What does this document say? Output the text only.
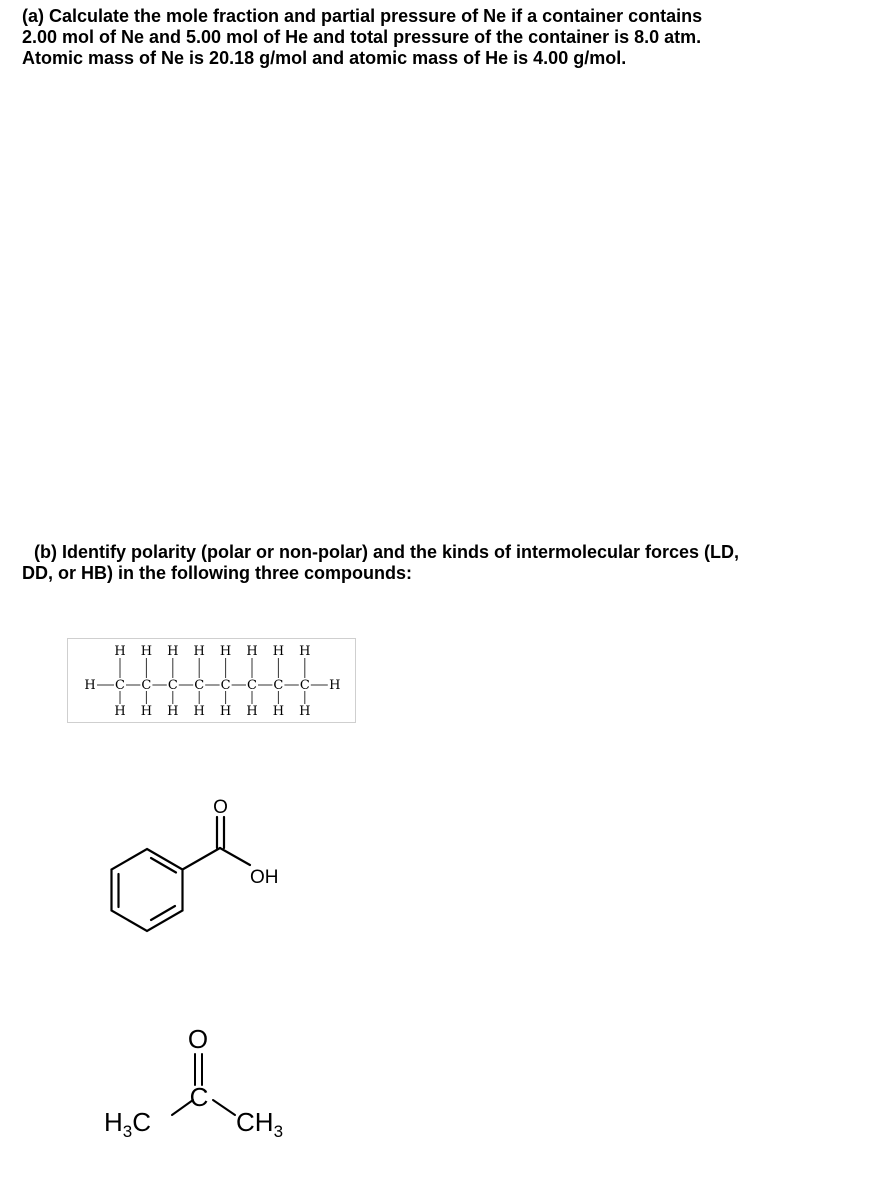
(a) Calculate the mole fraction and partial pressure of Ne if a container contains
2.00 mol of Ne and 5.00 mol of He and total pressure of the container is 8.0 atm.
Atomic mass of Ne is 20.18 g/mol and atomic mass of He is 4.00 g/mol.
(b) Identify polarity (polar or non-polar) and the kinds of intermolecular forces (LD,
DD, or HB) in the following three compounds:
H
H
C
H
H
C
H
H
C
H
H
C
H
H
C
H
H
C
H
H
C
H
H
C
H
H
O
OH
O
C
$H_3C$	$CH_3$
